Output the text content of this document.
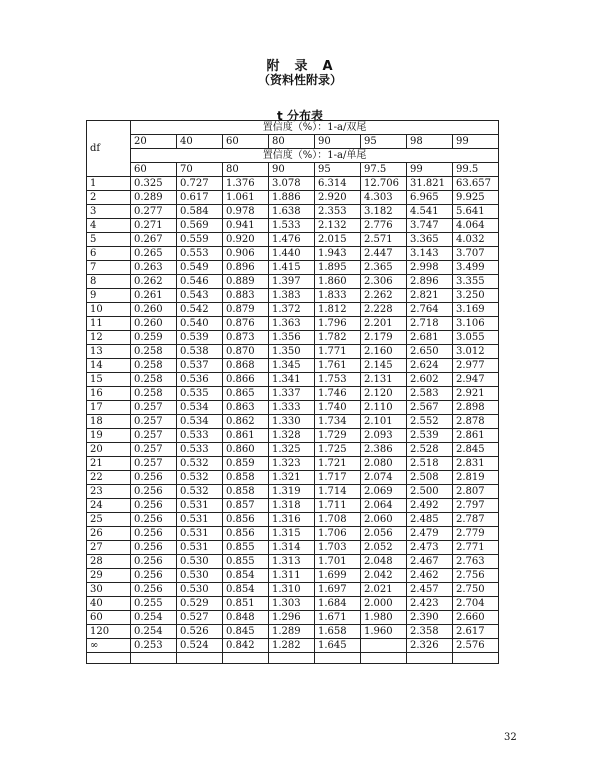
附　录　A
（资料性附录）
t 分布表
df	置信度（%）：1-a/双尾							
	20	40	60	80	90	95	98	99
	置信度（%）：1-a/单尾							
	60	70	80	90	95	97.5	99	99.5
1	0.325	0.727	1.376	3.078	6.314	12.706	31.821	63.657
2	0.289	0.617	1.061	1.886	2.920	4.303	6.965	9.925
3	0.277	0.584	0.978	1.638	2.353	3.182	4.541	5.641
4	0.271	0.569	0.941	1.533	2.132	2.776	3.747	4.064
5	0.267	0.559	0.920	1.476	2.015	2.571	3.365	4.032
6	0.265	0.553	0.906	1.440	1.943	2.447	3.143	3.707
7	0.263	0.549	0.896	1.415	1.895	2.365	2.998	3.499
8	0.262	0.546	0.889	1.397	1.860	2.306	2.896	3.355
9	0.261	0.543	0.883	1.383	1.833	2.262	2.821	3.250
10	0.260	0.542	0.879	1.372	1.812	2.228	2.764	3.169
11	0.260	0.540	0.876	1.363	1.796	2.201	2.718	3.106
12	0.259	0.539	0.873	1.356	1.782	2.179	2.681	3.055
13	0.258	0.538	0.870	1.350	1.771	2.160	2.650	3.012
14	0.258	0.537	0.868	1.345	1.761	2.145	2.624	2.977
15	0.258	0.536	0.866	1.341	1.753	2.131	2.602	2.947
16	0.258	0.535	0.865	1.337	1.746	2.120	2.583	2.921
17	0.257	0.534	0.863	1.333	1.740	2.110	2.567	2.898
18	0.257	0.534	0.862	1.330	1.734	2.101	2.552	2.878
19	0.257	0.533	0.861	1.328	1.729	2.093	2.539	2.861
20	0.257	0.533	0.860	1.325	1.725	2.386	2.528	2.845
21	0.257	0.532	0.859	1.323	1.721	2.080	2.518	2.831
22	0.256	0.532	0.858	1.321	1.717	2.074	2.508	2.819
23	0.256	0.532	0.858	1.319	1.714	2.069	2.500	2.807
24	0.256	0.531	0.857	1.318	1.711	2.064	2.492	2.797
25	0.256	0.531	0.856	1.316	1.708	2.060	2.485	2.787
26	0.256	0.531	0.856	1.315	1.706	2.056	2.479	2.779
27	0.256	0.531	0.855	1.314	1.703	2.052	2.473	2.771
28	0.256	0.530	0.855	1.313	1.701	2.048	2.467	2.763
29	0.256	0.530	0.854	1.311	1.699	2.042	2.462	2.756
30	0.256	0.530	0.854	1.310	1.697	2.021	2.457	2.750
40	0.255	0.529	0.851	1.303	1.684	2.000	2.423	2.704
60	0.254	0.527	0.848	1.296	1.671	1.980	2.390	2.660
120	0.254	0.526	0.845	1.289	1.658	1.960	2.358	2.617
∞	0.253	0.524	0.842	1.282	1.645		2.326	2.576

32
